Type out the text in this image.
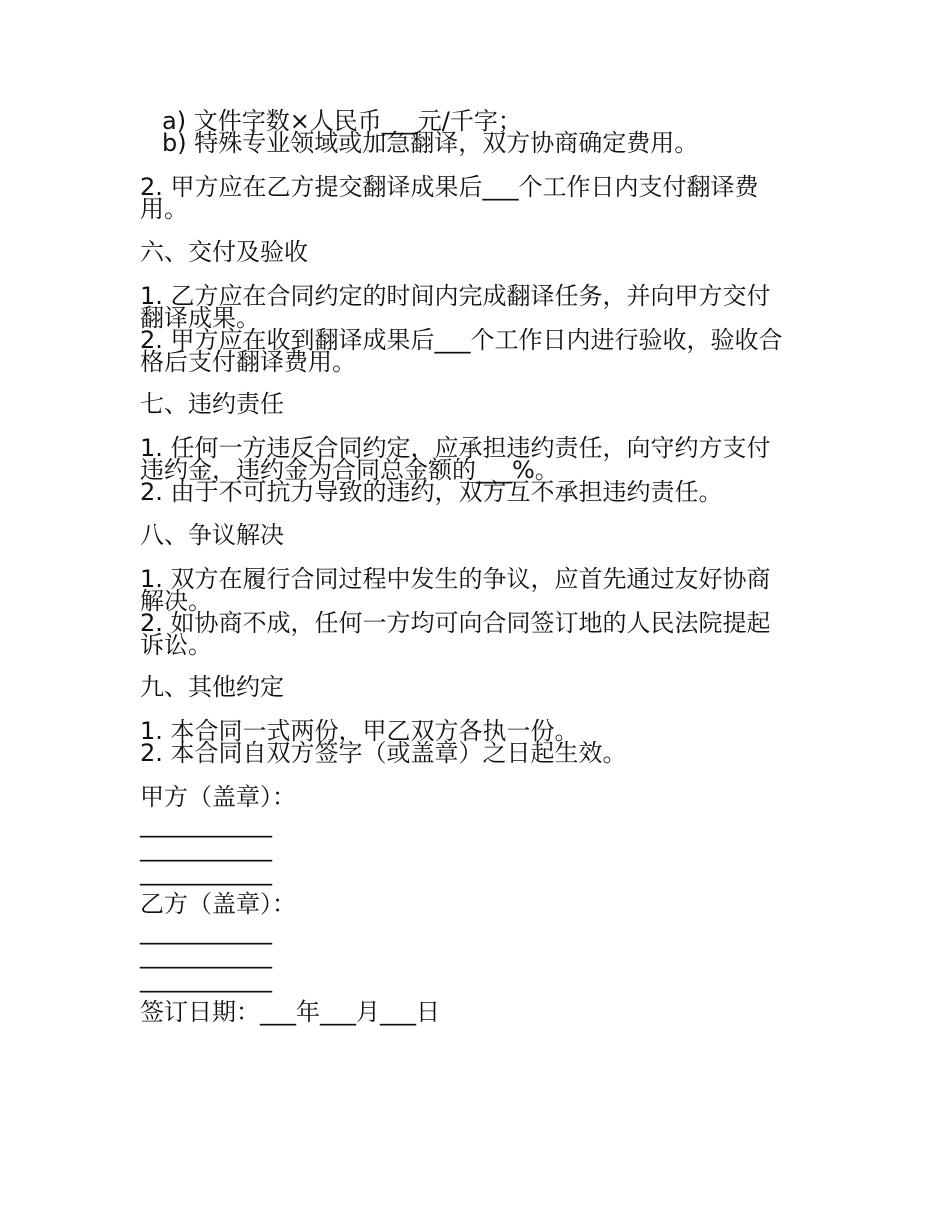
a) 文件字数×人民币___元/千字；
b) 特殊专业领域或加急翻译，双方协商确定费用。
2. 甲方应在乙方提交翻译成果后___个工作日内支付翻译费
用。
六、交付及验收
1. 乙方应在合同约定的时间内完成翻译任务，并向甲方交付
翻译成果。
2. 甲方应在收到翻译成果后___个工作日内进行验收，验收合
格后支付翻译费用。
七、违约责任
1. 任何一方违反合同约定，应承担违约责任，向守约方支付
违约金，违约金为合同总金额的___%。
2. 由于不可抗力导致的违约，双方互不承担违约责任。
八、争议解决
1. 双方在履行合同过程中发生的争议，应首先通过友好协商
解决。
2. 如协商不成，任何一方均可向合同签订地的人民法院提起
诉讼。
九、其他约定
1. 本合同一式两份，甲乙双方各执一份。
2. 本合同自双方签字（或盖章）之日起生效。
甲方（盖章）：
___________
___________
___________
乙方（盖章）：
___________
___________
___________
签订日期：___年___月___日
